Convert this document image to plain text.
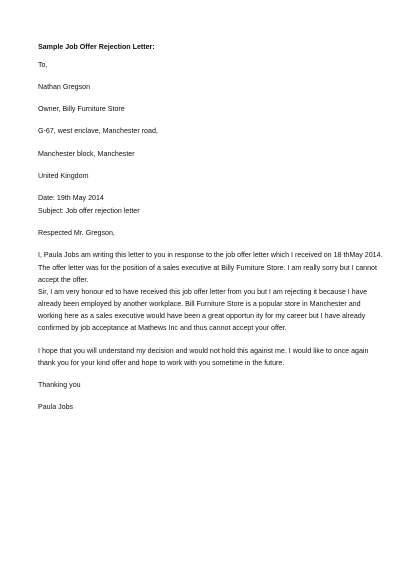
Sample Job Offer Rejection Letter:
To,
Nathan Gregson
Owner, Billy Furniture Store
G-67, west enclave, Manchester road,
Manchester block, Manchester
United Kingdom
Date: 19th May 2014
Subject: Job offer rejection letter
Respected Mr. Gregson,
I, Paula Jobs am writing this letter to you in response to the job offer letter which I received on 18 thMay 2014.
The offer letter was for the position of a sales executive at Billy Furniture Store. I am really sorry but I cannot
accept the offer.
Sir, I am very honour ed to have received this job offer letter from you but I am rejecting it because I have
already been employed by another workplace. Bill Furniture Store is a popular store in Manchester and
working here as a sales executive would have been a great opportun ity for my career but I have already
confirmed by job acceptance at Mathews Inc and thus cannot accept your offer.
I hope that you will understand my decision and would not hold this against me. I would like to once again
thank you for your kind offer and hope to work with you sometime in the future.
Thanking you
Paula Jobs
